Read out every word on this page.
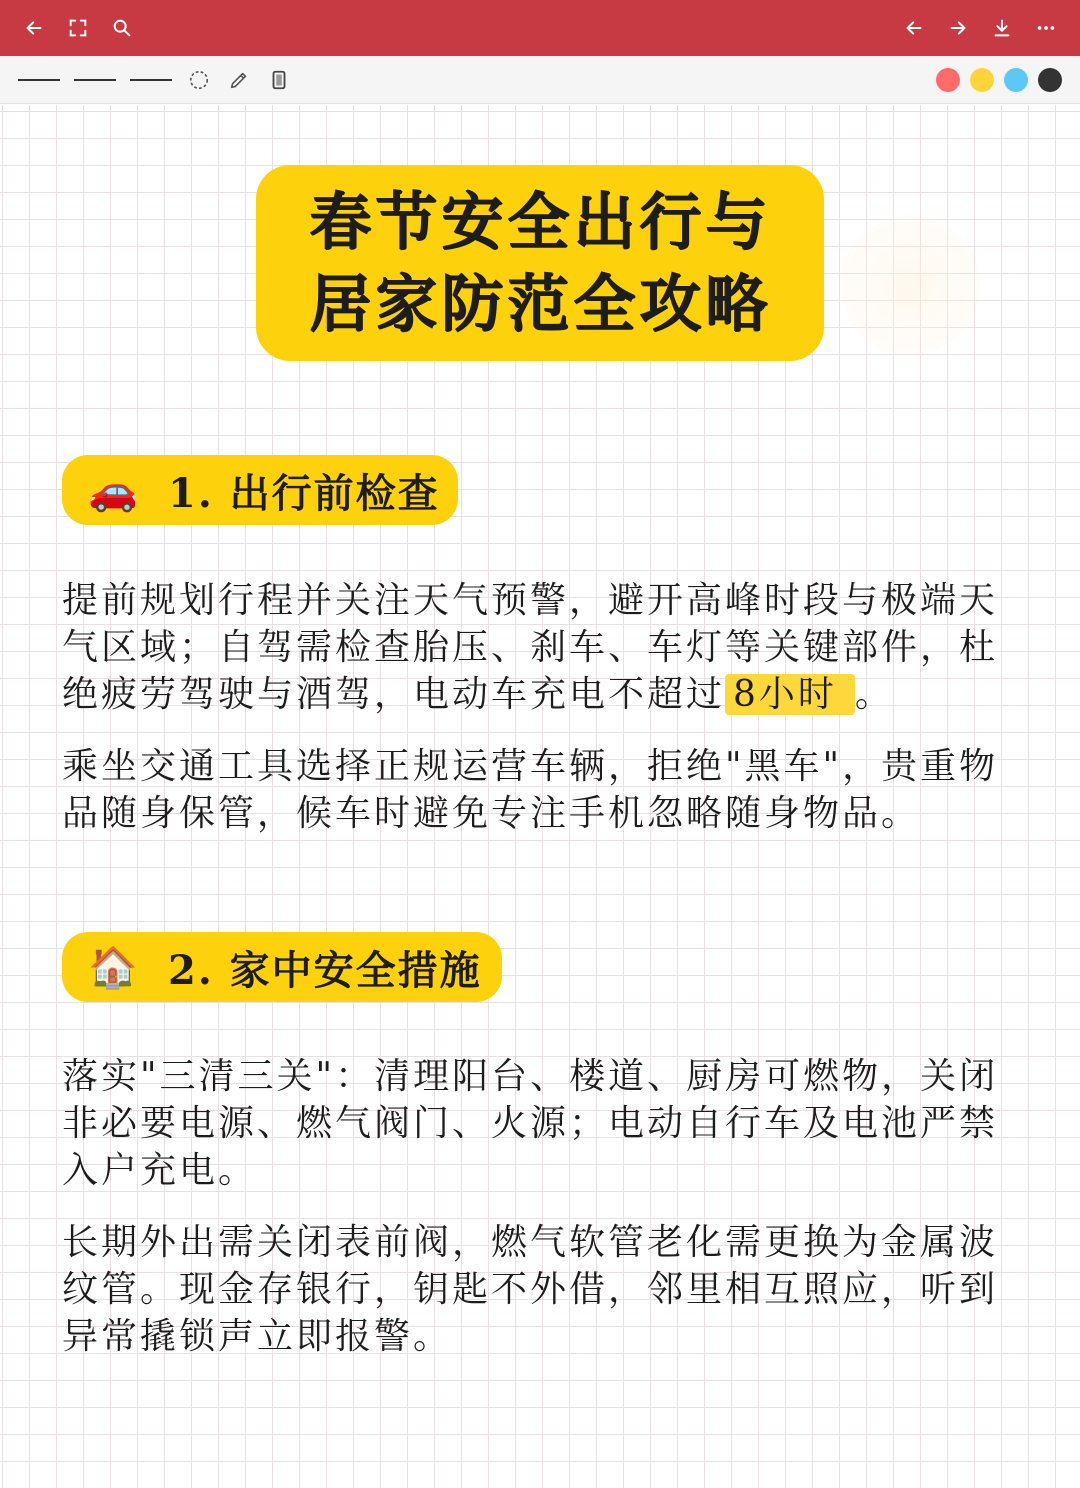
春节安全出行与
居家防范全攻略
🚗 1. 出行前检查
提前规划行程并关注天气预警，避开高峰时段与极端天气区域；自驾需检查胎压、刹车、车灯等关键部件，杜绝疲劳驾驶与酒驾，电动车充电不超过 8小时 。
乘坐交通工具选择正规运营车辆，拒绝"黑车"，贵重物品随身保管，候车时避免专注手机忽略随身物品。
🏠 2. 家中安全措施
落实"三清三关"：清理阳台、楼道、厨房可燃物，关闭非必要电源、燃气阀门、火源；电动自行车及电池严禁入户充电。
长期外出需关闭表前阀，燃气软管老化需更换为金属波纹管。现金存银行，钥匙不外借，邻里相互照应，听到异常撬锁声立即报警。
